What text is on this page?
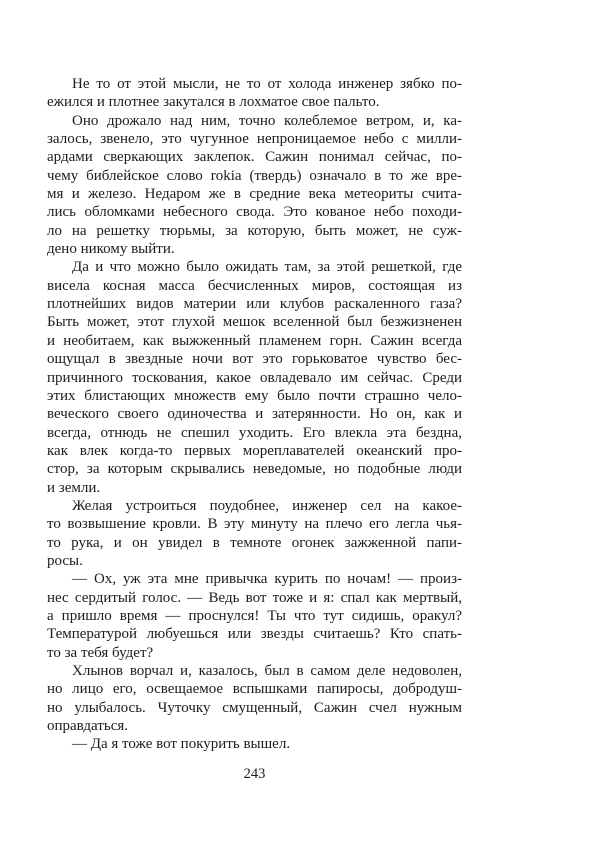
Не то от этой мысли, не то от холода инженер зябко по-
ежился и плотнее закутался в лохматое свое пальто.
Оно дрожало над ним, точно колеблемое ветром, и, ка-
залось, звенело, это чугунное непроницаемое небо с милли-
ардами сверкающих заклепок. Сажин понимал сейчас, по-
чему библейское слово rokia (твердь) означало в то же вре-
мя и железо. Недаром же в средние века метеориты счита-
лись обломками небесного свода. Это кованое небо походи-
ло на решетку тюрьмы, за которую, быть может, не суж-
дено никому выйти.
Да и что можно было ожидать там, за этой решеткой, где
висела косная масса бесчисленных миров, состоящая из
плотнейших видов материи или клубов раскаленного газа?
Быть может, этот глухой мешок вселенной был безжизненен
и необитаем, как выжженный пламенем горн. Сажин всегда
ощущал в звездные ночи вот это горьковатое чувство бес-
причинного тоскования, какое овладевало им сейчас. Среди
этих блистающих множеств ему было почти страшно чело-
веческого своего одиночества и затерянности. Но он, как и
всегда, отнюдь не спешил уходить. Его влекла эта бездна,
как влек когда-то первых мореплавателей океанский про-
стор, за которым скрывались неведомые, но подобные люди
и земли.
Желая устроиться поудобнее, инженер сел на какое-
то возвышение кровли. В эту минуту на плечо его легла чья-
то рука, и он увидел в темноте огонек зажженной папи-
росы.
— Ох, уж эта мне привычка курить по ночам! — произ-
нес сердитый голос. — Ведь вот тоже и я: спал как мертвый,
а пришло время — проснулся! Ты что тут сидишь, оракул?
Температурой любуешься или звезды считаешь? Кто спать-
то за тебя будет?
Хлынов ворчал и, казалось, был в самом деле недоволен,
но лицо его, освещаемое вспышками папиросы, добродуш-
но улыбалось. Чуточку смущенный, Сажин счел нужным
оправдаться.
— Да я тоже вот покурить вышел.
243
